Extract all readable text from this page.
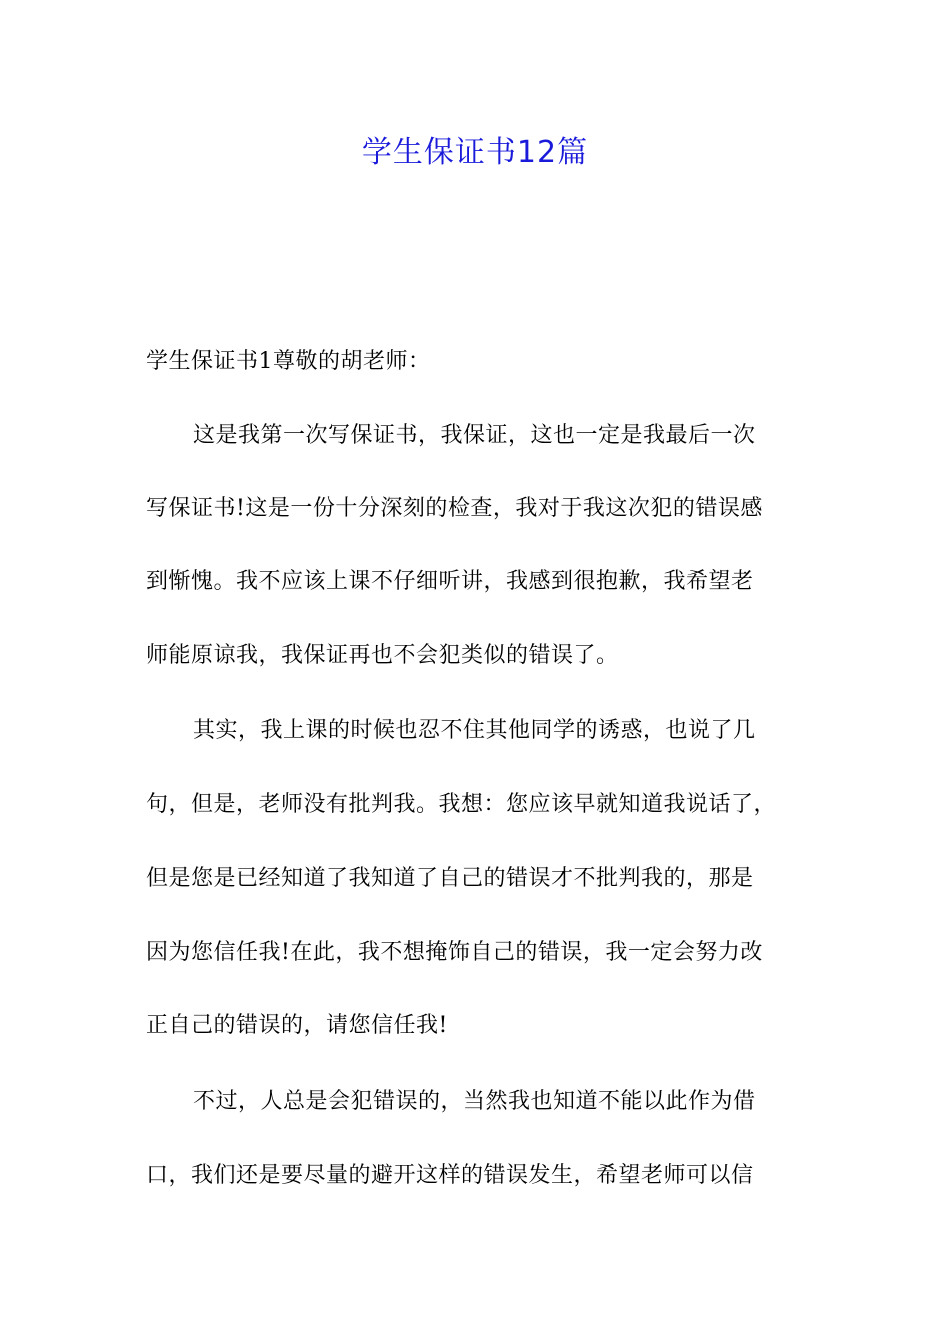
学生保证书12篇
学生保证书1尊敬的胡老师：
这是我第一次写保证书，我保证，这也一定是我最后一次
写保证书!这是一份十分深刻的检查，我对于我这次犯的错误感
到惭愧。我不应该上课不仔细听讲，我感到很抱歉，我希望老
师能原谅我，我保证再也不会犯类似的错误了。
其实，我上课的时候也忍不住其他同学的诱惑，也说了几
句，但是，老师没有批判我。我想：您应该早就知道我说话了，
但是您是已经知道了我知道了自己的错误才不批判我的，那是
因为您信任我!在此，我不想掩饰自己的错误，我一定会努力改
正自己的错误的，请您信任我!
不过，人总是会犯错误的，当然我也知道不能以此作为借
口，我们还是要尽量的避开这样的错误发生，希望老师可以信
